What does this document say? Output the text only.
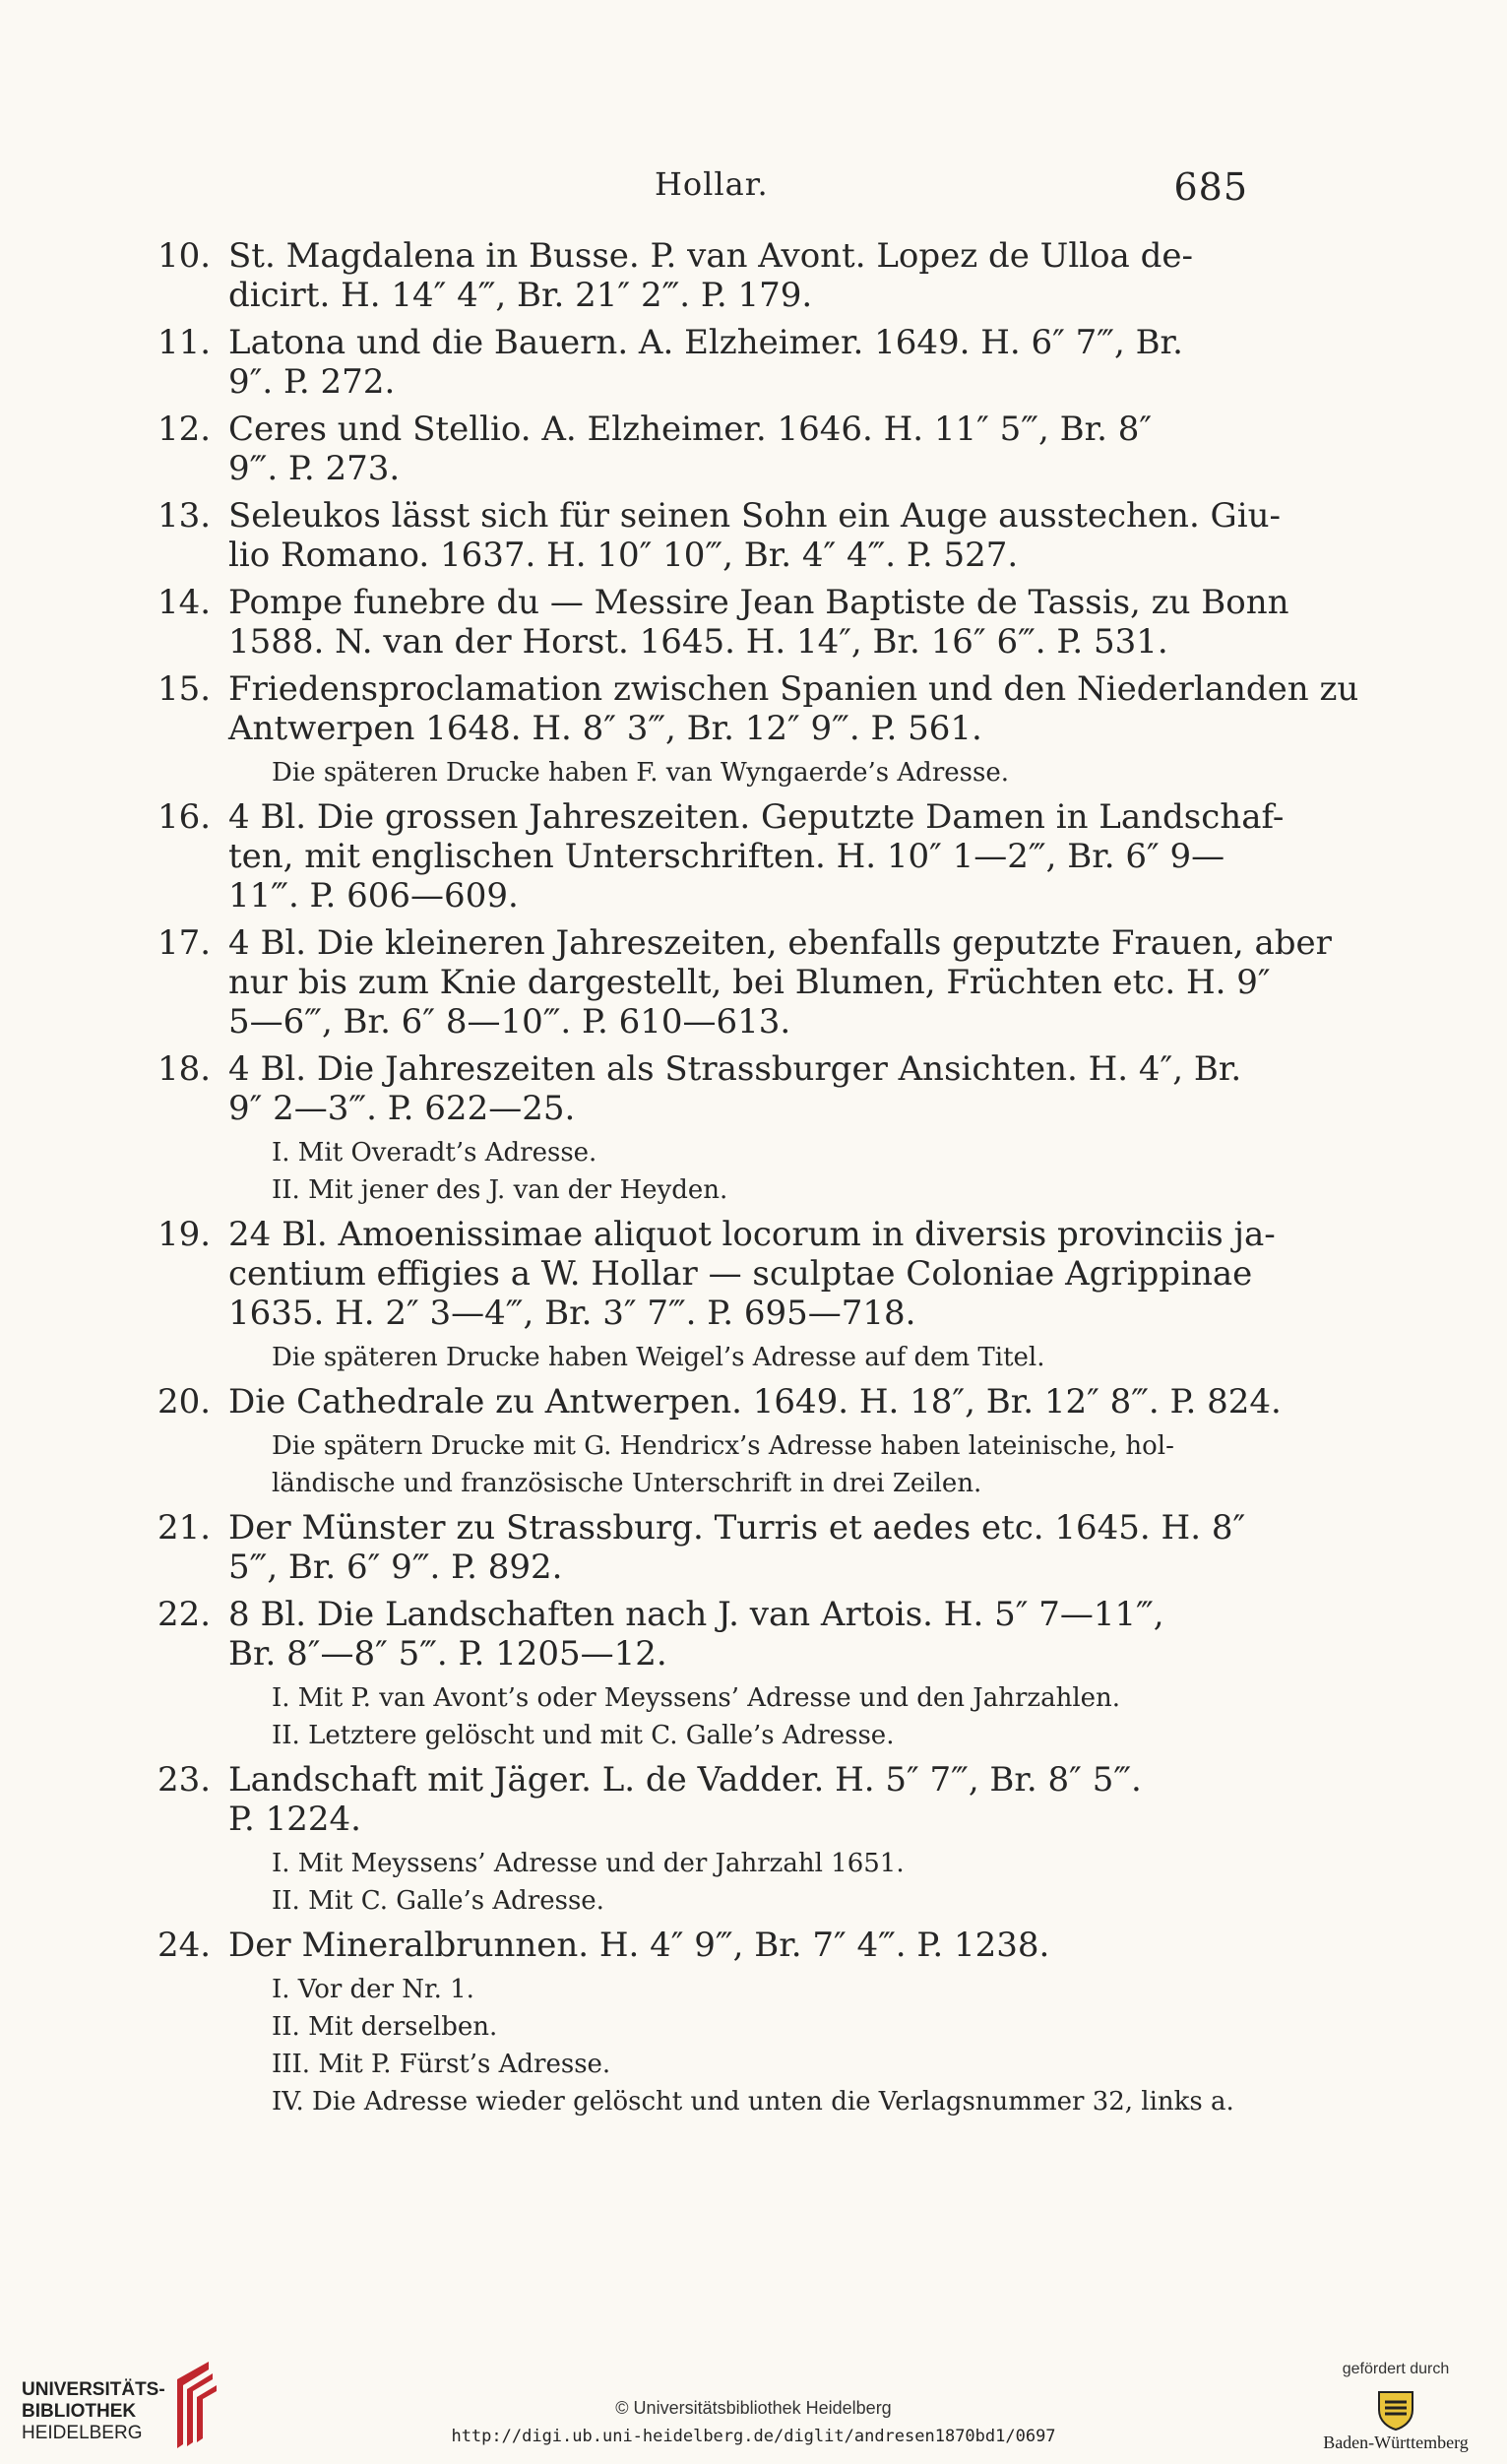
Hollar.	685
10. St. Magdalena in Busse. P. van Avont. Lopez de Ulloa de-
dicirt. H. 14″ 4‴, Br. 21″ 2‴. P. 179.
11. Latona und die Bauern. A. Elzheimer. 1649. H. 6″ 7‴, Br.
9″. P. 272.
12. Ceres und Stellio. A. Elzheimer. 1646. H. 11″ 5‴, Br. 8″
9‴. P. 273.
13. Seleukos lässt sich für seinen Sohn ein Auge ausstechen. Giu-
lio Romano. 1637. H. 10″ 10‴, Br. 4″ 4‴. P. 527.
14. Pompe funebre du — Messire Jean Baptiste de Tassis, zu Bonn
1588. N. van der Horst. 1645. H. 14″, Br. 16″ 6‴. P. 531.
15. Friedensproclamation zwischen Spanien und den Niederlanden zu
Antwerpen 1648. H. 8″ 3‴, Br. 12″ 9‴. P. 561.
Die späteren Drucke haben F. van Wyngaerde’s Adresse.
16. 4 Bl. Die grossen Jahreszeiten. Geputzte Damen in Landschaf-
ten, mit englischen Unterschriften. H. 10″ 1—2‴, Br. 6″ 9—
11‴. P. 606—609.
17. 4 Bl. Die kleineren Jahreszeiten, ebenfalls geputzte Frauen, aber
nur bis zum Knie dargestellt, bei Blumen, Früchten etc. H. 9″
5—6‴, Br. 6″ 8—10‴. P. 610—613.
18. 4 Bl. Die Jahreszeiten als Strassburger Ansichten. H. 4″, Br.
9″ 2—3‴. P. 622—25.
I. Mit Overadt’s Adresse.
II. Mit jener des J. van der Heyden.
19. 24 Bl. Amoenissimae aliquot locorum in diversis provinciis ja-
centium effigies a W. Hollar — sculptae Coloniae Agrippinae
1635. H. 2″ 3—4‴, Br. 3″ 7‴. P. 695—718.
Die späteren Drucke haben Weigel’s Adresse auf dem Titel.
20. Die Cathedrale zu Antwerpen. 1649. H. 18″, Br. 12″ 8‴. P. 824.
Die spätern Drucke mit G. Hendricx’s Adresse haben lateinische, hol-
ländische und französische Unterschrift in drei Zeilen.
21. Der Münster zu Strassburg. Turris et aedes etc. 1645. H. 8″
5‴, Br. 6″ 9‴. P. 892.
22. 8 Bl. Die Landschaften nach J. van Artois. H. 5″ 7—11‴,
Br. 8″—8″ 5‴. P. 1205—12.
I. Mit P. van Avont’s oder Meyssens’ Adresse und den Jahrzahlen.
II. Letztere gelöscht und mit C. Galle’s Adresse.
23. Landschaft mit Jäger. L. de Vadder. H. 5″ 7‴, Br. 8″ 5‴.
P. 1224.
I. Mit Meyssens’ Adresse und der Jahrzahl 1651.
II. Mit C. Galle’s Adresse.
24. Der Mineralbrunnen. H. 4″ 9‴, Br. 7″ 4‴. P. 1238.
I. Vor der Nr. 1.
II. Mit derselben.
III. Mit P. Fürst’s Adresse.
IV. Die Adresse wieder gelöscht und unten die Verlagsnummer 32, links a.
UNIVERSITÄTS-
BIBLIOTHEK
HEIDELBERG
© Universitätsbibliothek Heidelberg
http://digi.ub.uni-heidelberg.de/diglit/andresen1870bd1/0697
gefördert durch
Baden-Württemberg
